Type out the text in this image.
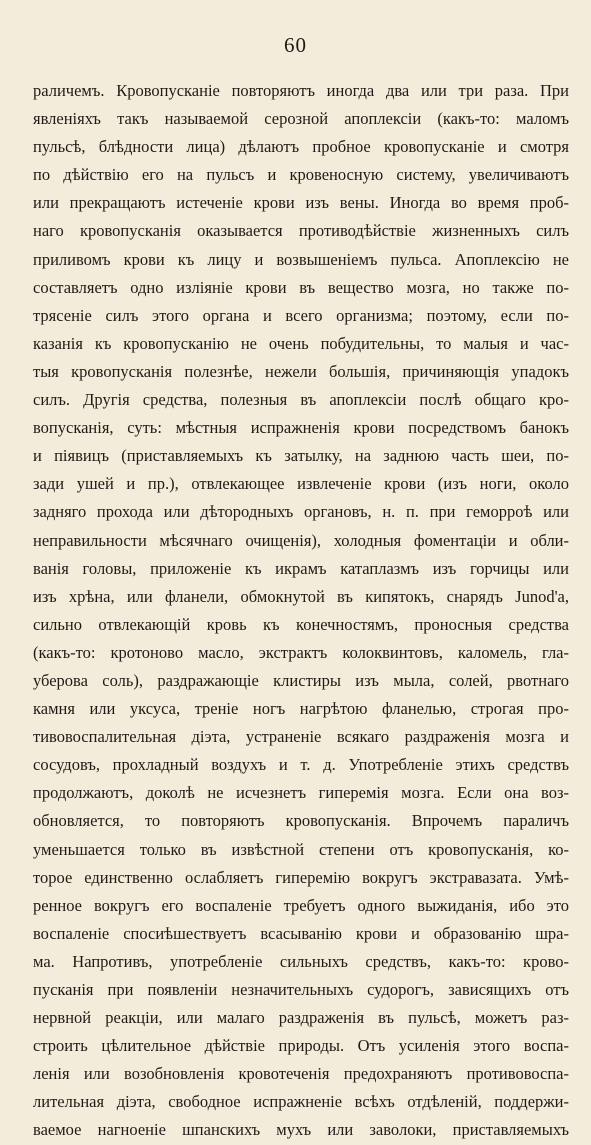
60
раличемъ. Кровопусканіе повторяютъ иногда два или три раза. При
явленіяхъ такъ называемой серозной апоплексіи (какъ-то: маломъ
пульсѣ, блѣдности лица) дѣлаютъ пробное кровопусканіе и смотря
по дѣйствію его на пульсъ и кровеносную систему, увеличиваютъ
или прекращаютъ истеченіе крови изъ вены. Иногда во время проб-
наго кровопусканія оказывается противодѣйствіе жизненныхъ силъ
приливомъ крови къ лицу и возвышеніемъ пульса. Апоплексію не
составляетъ одно изліяніе крови въ вещество мозга, но также по-
трясеніе силъ этого органа и всего организма; поэтому, если по-
казанія къ кровопусканію не очень побудительны, то малыя и час-
тыя кровопусканія полезнѣе, нежели большія, причиняющія упадокъ
силъ. Другія средства, полезныя въ апоплексіи послѣ общаго кро-
вопусканія, суть: мѣстныя испражненія крови посредствомъ банокъ
и піявицъ (приставляемыхъ къ затылку, на заднюю часть шеи, по-
зади ушей и пр.), отвлекающее извлеченіе крови (изъ ноги, около
задняго прохода или дѣтородныхъ органовъ, н. п. при геморроѣ или
неправильности мѣсячнаго очищенія), холодныя фоментаціи и обли-
ванія головы, приложеніе къ икрамъ катаплазмъ изъ горчицы или
изъ хрѣна, или фланели, обмокнутой въ кипятокъ, снарядъ Junod'а,
сильно отвлекающій кровь къ конечностямъ, проносныя средства
(какъ-то: кротоново масло, экстрактъ колоквинтовъ, каломель, гла-
уберова соль), раздражающіе клистиры изъ мыла, солей, рвотнаго
камня или уксуса, треніе ногъ нагрѣтою фланелью, строгая про-
тивовоспалительная діэта, устраненіе всякаго раздраженія мозга и
сосудовъ, прохладный воздухъ и т. д. Употребленіе этихъ средствъ
продолжаютъ, доколѣ не исчезнетъ гиперемія мозга. Если она воз-
обновляется, то повторяютъ кровопусканія. Впрочемъ параличъ
уменьшается только въ извѣстной степени отъ кровопусканія, ко-
торое единственно ослабляетъ гиперемію вокругъ экстравазата. Умѣ-
ренное вокругъ его воспаленіе требуетъ одного выжиданія, ибо это
воспаленіе спосиѣшествуетъ всасыванію крови и образованію шра-
ма. Напротивъ, употребленіе сильныхъ средствъ, какъ-то: крово-
пусканія при появленіи незначительныхъ судорогъ, зависящихъ отъ
нервной реакціи, или малаго раздраженія въ пульсѣ, можетъ раз-
строить цѣлительное дѣйствіе природы. Отъ усиленія этого воспа-
ленія или возобновленія кровотеченія предохраняютъ противовоспа-
лительная діэта, свободное испражненіе всѣхъ отдѣленій, поддержи-
ваемое нагноеніе шпанскихъ мухъ или заволоки, приставляемыхъ
